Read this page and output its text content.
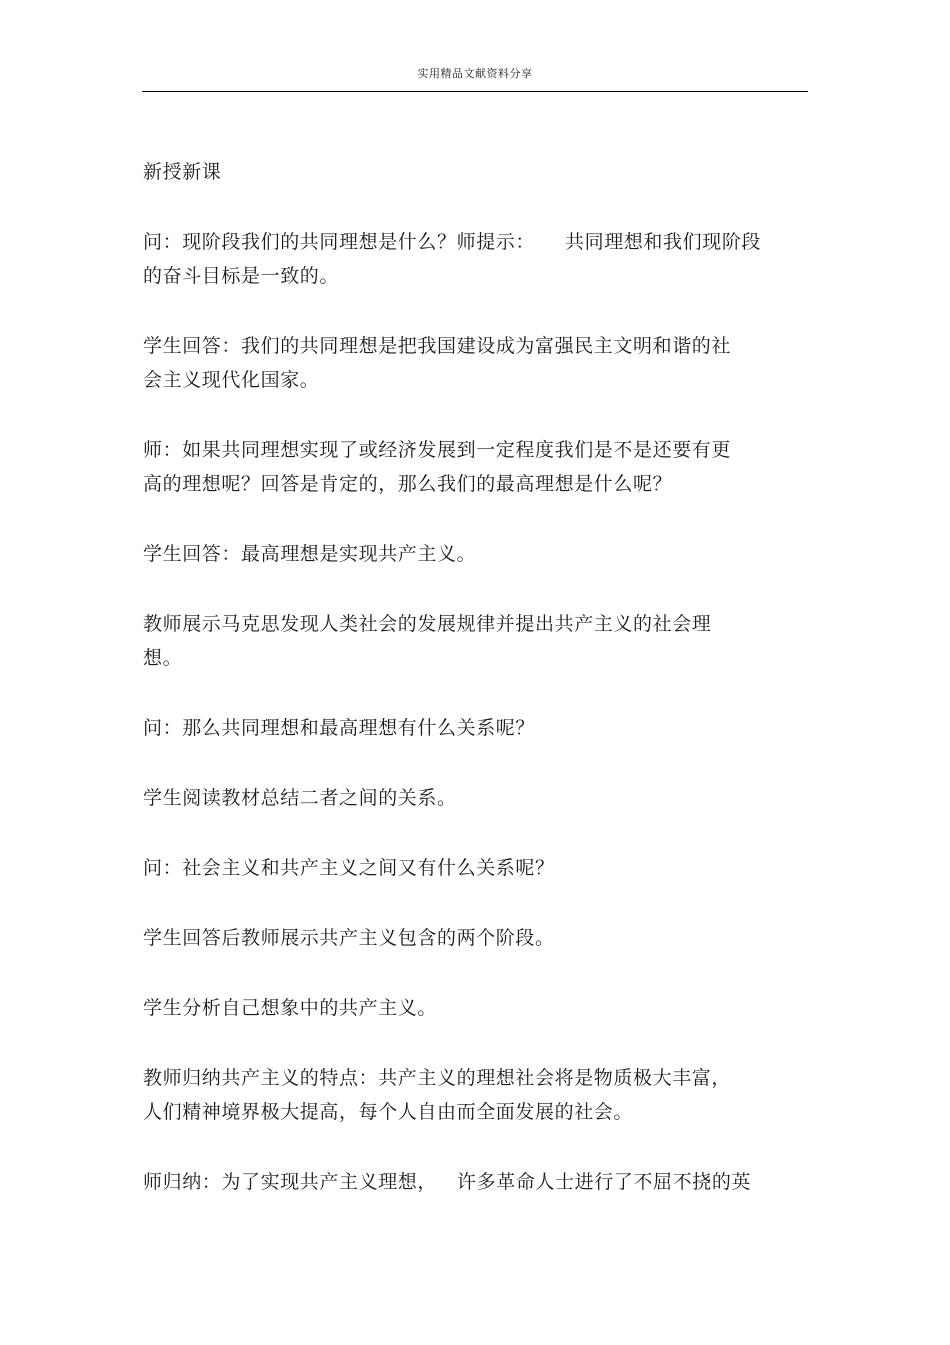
实用精品文献资料分享

新授新课

问：现阶段我们的共同理想是什么？师提示： 共同理想和我们现阶段
的奋斗目标是一致的。

学生回答：我们的共同理想是把我国建设成为富强民主文明和谐的社
会主义现代化国家。

师：如果共同理想实现了或经济发展到一定程度我们是不是还要有更
高的理想呢？回答是肯定的，那么我们的最高理想是什么呢？

学生回答：最高理想是实现共产主义。

教师展示马克思发现人类社会的发展规律并提出共产主义的社会理
想。

问：那么共同理想和最高理想有什么关系呢？

学生阅读教材总结二者之间的关系。

问：社会主义和共产主义之间又有什么关系呢？

学生回答后教师展示共产主义包含的两个阶段。

学生分析自己想象中的共产主义。

教师归纳共产主义的特点：共产主义的理想社会将是物质极大丰富，
人们精神境界极大提高，每个人自由而全面发展的社会。

师归纳：为了实现共产主义理想， 许多革命人士进行了不屈不挠的英
